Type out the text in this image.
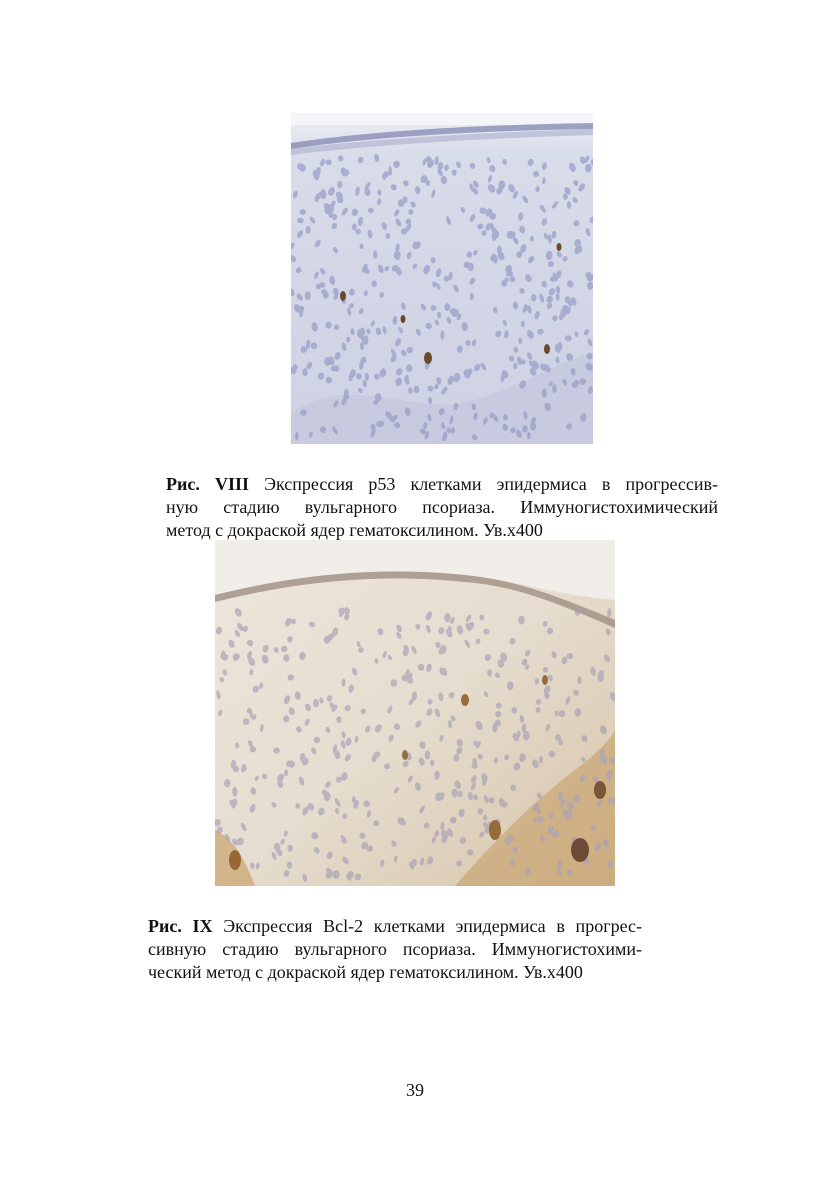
Рис. VIII Экспрессия р53 клетками эпидермиса в прогрессив-
ную стадию вульгарного псориаза. Иммуногистохимический
метод с докраской ядер гематоксилином. Ув.х400

Рис. IX Экспрессия Bcl-2 клетками эпидермиса в прогрес-
сивную стадию вульгарного псориаза. Иммуногистохими-
ческий метод с докраской ядер гематоксилином. Ув.х400

39
